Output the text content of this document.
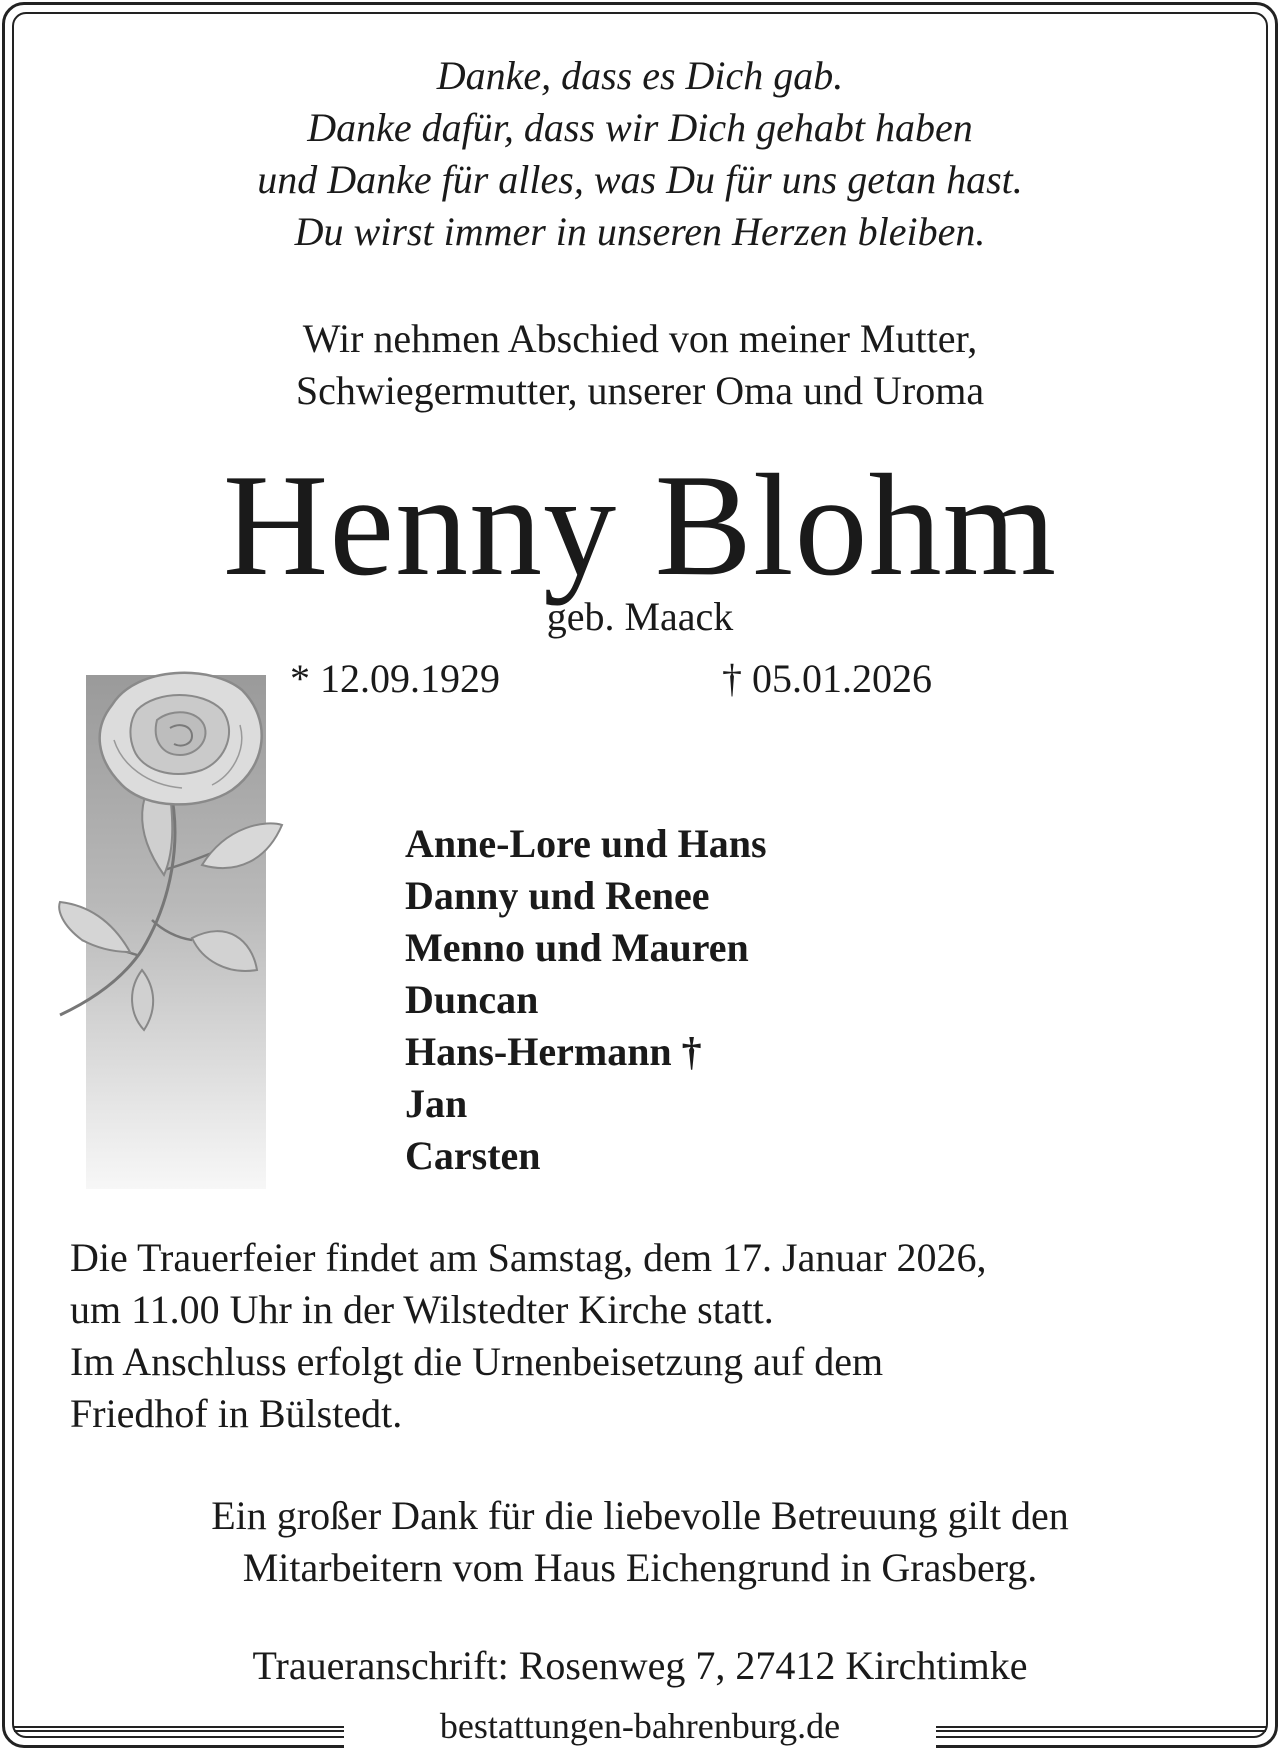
Danke, dass es Dich gab.
Danke dafür, dass wir Dich gehabt haben
und Danke für alles, was Du für uns getan hast.
Du wirst immer in unseren Herzen bleiben.
Wir nehmen Abschied von meiner Mutter,
Schwiegermutter, unserer Oma und Uroma
Henny Blohm
geb. Maack
* 12.09.1929	† 05.01.2026
Anne-Lore und Hans
Danny und Renee
Menno und Mauren
Duncan
Hans-Hermann †
Jan
Carsten
Die Trauerfeier findet am Samstag, dem 17. Januar 2026,
um 11.00 Uhr in der Wilstedter Kirche statt.
Im Anschluss erfolgt die Urnenbeisetzung auf dem
Friedhof in Bülstedt.
Ein großer Dank für die liebevolle Betreuung gilt den
Mitarbeitern vom Haus Eichengrund in Grasberg.
Traueranschrift: Rosenweg 7, 27412 Kirchtimke
bestattungen-bahrenburg.de
